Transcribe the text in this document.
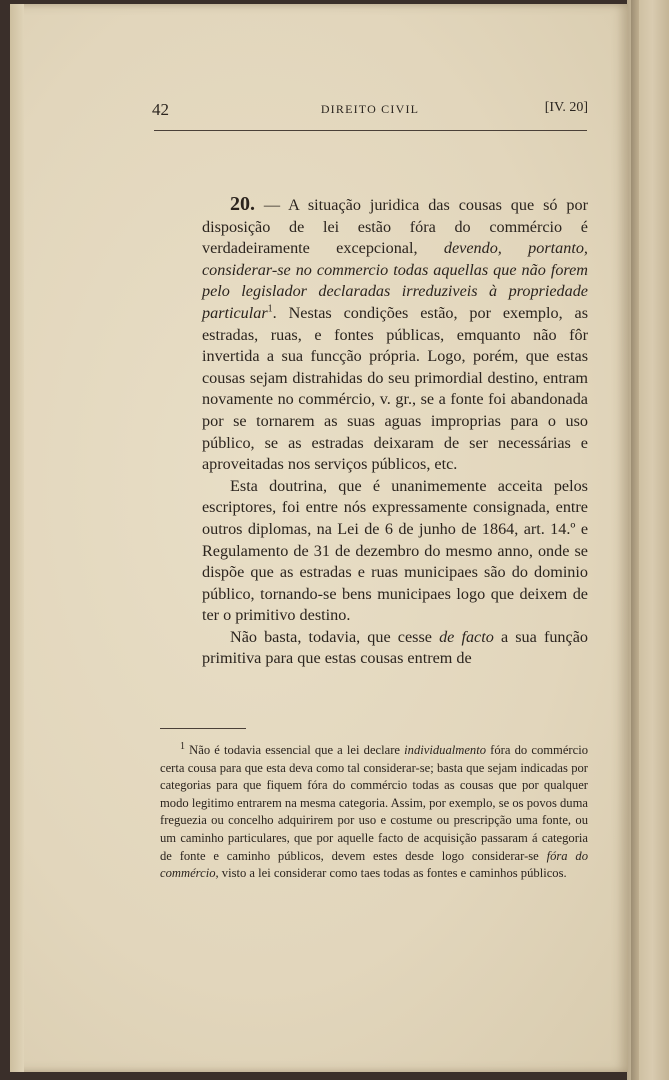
42	DIREITO CIVIL	[IV. 20]

20. — A situação juridica das cousas que só por disposição de lei estão fóra do commércio é verdadeiramente excepcional, devendo, portanto, considerar-se no commercio todas aquellas que não forem pelo legislador declaradas irreduziveis à propriedade particular$^1$. Nestas condições estão, por exemplo, as estradas, ruas, e fontes públicas, emquanto não fôr invertida a sua funcção própria. Logo, porém, que estas cousas sejam distrahidas do seu primordial destino, entram novamente no commércio, v. gr., se a fonte foi abandonada por se tornarem as suas aguas improprias para o uso público, se as estradas deixaram de ser necessárias e aproveitadas nos serviços públicos, etc.

Esta doutrina, que é unanimemente acceita pelos escriptores, foi entre nós expressamente consignada, entre outros diplomas, na Lei de 6 de junho de 1864, art. 14.º e Regulamento de 31 de dezembro do mesmo anno, onde se dispõe que as estradas e ruas municipaes são do dominio público, tornando-se bens municipaes logo que deixem de ter o primitivo destino.

Não basta, todavia, que cesse de facto a sua função primitiva para que estas cousas entrem de

$^1$ Não é todavia essencial que a lei declare individualmento fóra do commércio certa cousa para que esta deva como tal considerar-se; basta que sejam indicadas por categorias para que fiquem fóra do commércio todas as cousas que por qualquer modo legitimo entrarem na mesma categoria. Assim, por exemplo, se os povos duma freguezia ou concelho adquirirem por uso e costume ou prescripção uma fonte, ou um caminho particulares, que por aquelle facto de acquisição passaram á categoria de fonte e caminho públicos, devem estes desde logo considerar-se fóra do commércio, visto a lei considerar como taes todas as fontes e caminhos públicos.
